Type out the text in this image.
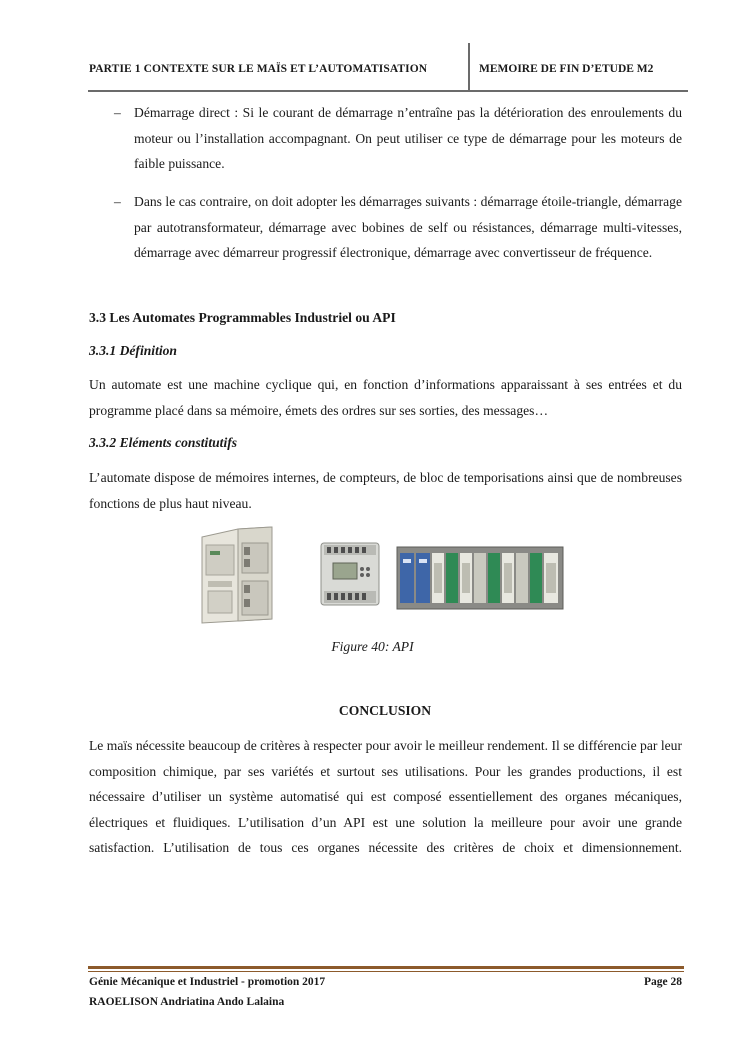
PARTIE 1 CONTEXTE SUR LE MAÏS ET L’AUTOMATISATION	MEMOIRE DE FIN D’ETUDE M2
– Démarrage direct : Si le courant de démarrage n’entraîne pas la détérioration des enroulements du moteur ou l’installation accompagnant. On peut utiliser ce type de démarrage pour les moteurs de faible puissance.
– Dans le cas contraire, on doit adopter les démarrages suivants : démarrage étoile-triangle, démarrage par autotransformateur, démarrage avec bobines de self ou résistances, démarrage multi-vitesses, démarrage avec démarreur progressif électronique, démarrage avec convertisseur de fréquence.
3.3 Les Automates Programmables Industriel ou API
3.3.1 Définition
Un automate est une machine cyclique qui, en fonction d’informations apparaissant à ses entrées et du programme placé dans sa mémoire, émets des ordres sur ses sorties, des messages…
3.3.2 Eléments constitutifs
L’automate dispose de mémoires internes, de compteurs, de bloc de temporisations ainsi que de nombreuses fonctions de plus haut niveau.
Figure 40: API
CONCLUSION
Le maïs nécessite beaucoup de critères à respecter pour avoir le meilleur rendement. Il se différencie par leur composition chimique, par ses variétés et surtout ses utilisations. Pour les grandes productions, il est nécessaire d’utiliser un système automatisé qui est composé essentiellement des organes mécaniques, électriques et fluidiques. L’utilisation d’un API est une solution la meilleure pour avoir une grande satisfaction. L’utilisation de tous ces organes nécessite des critères de choix et dimensionnement.
Génie Mécanique et Industriel - promotion 2017	Page 28
RAOELISON Andriatina Ando Lalaina
